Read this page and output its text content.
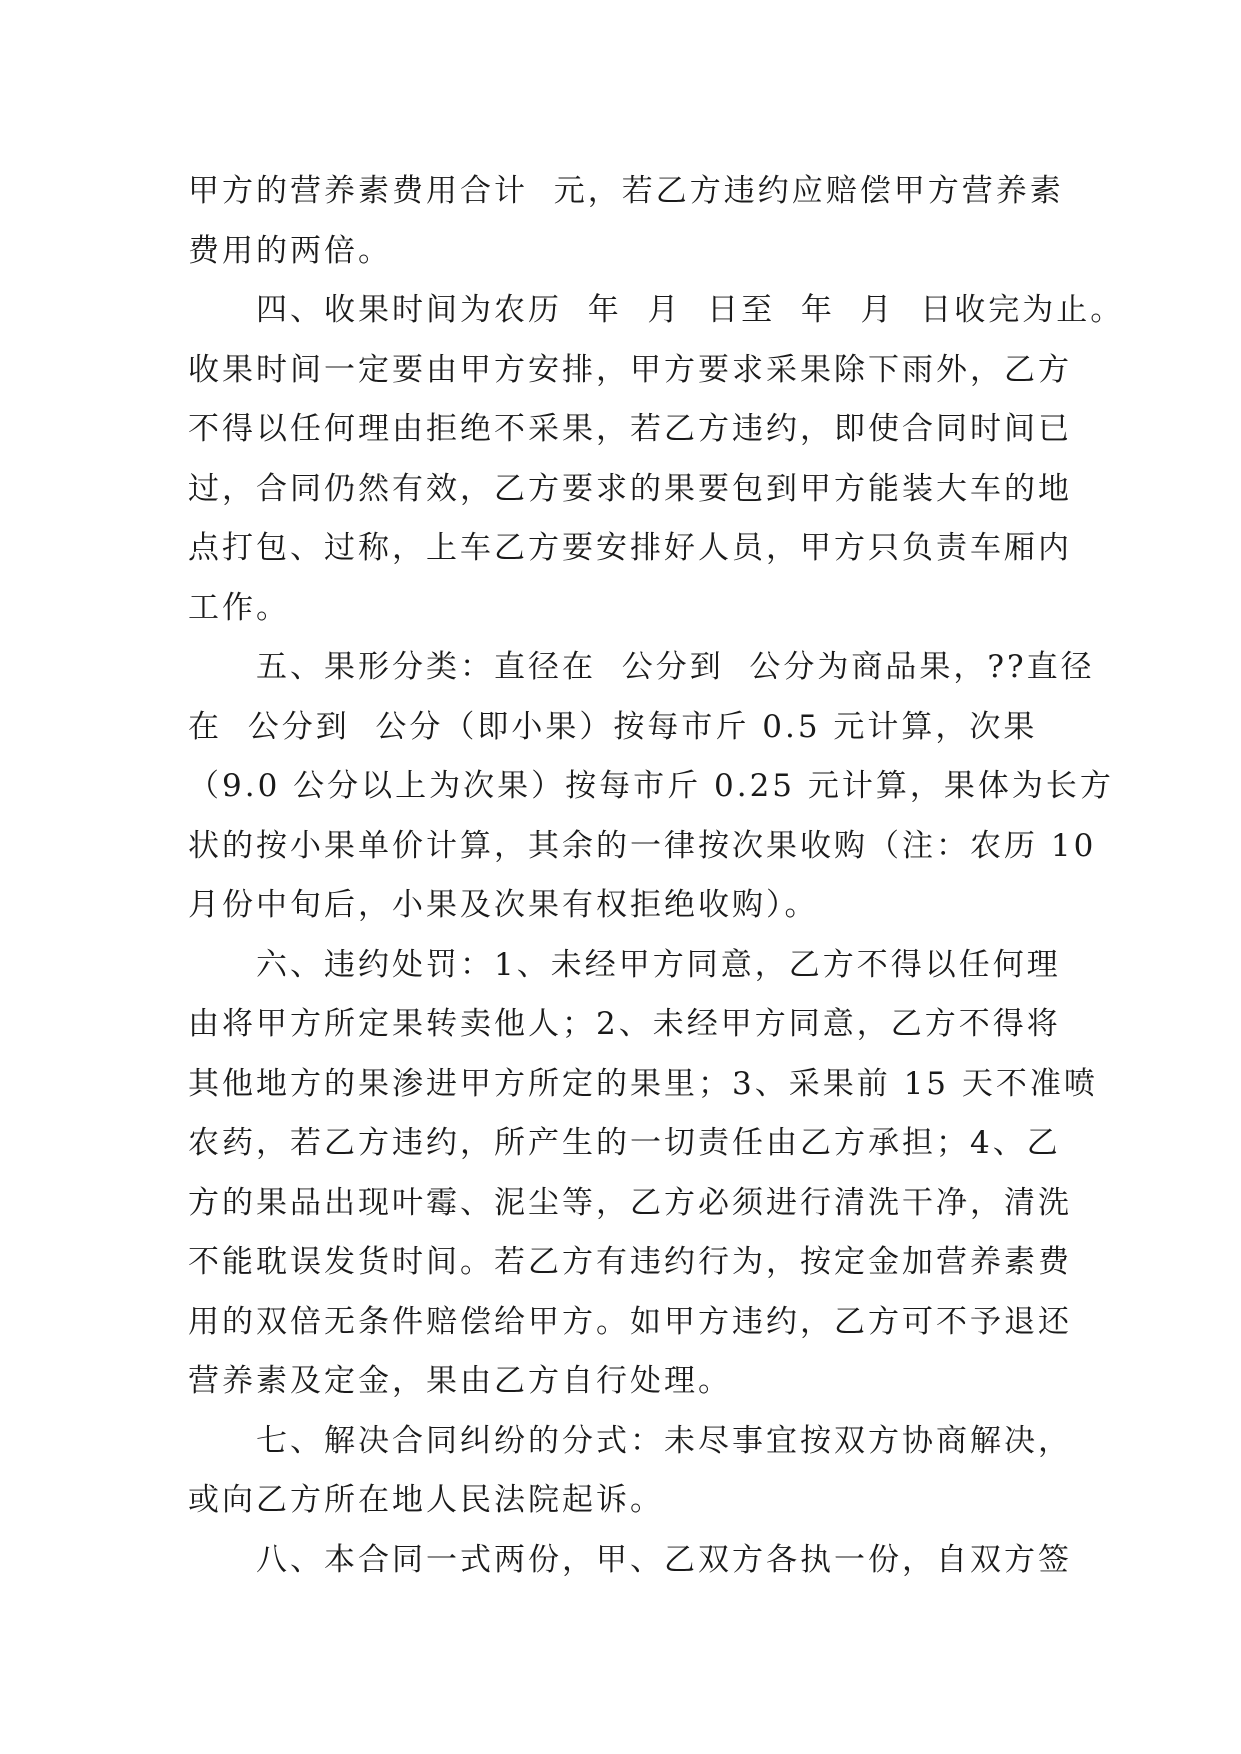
甲方的营养素费用合计  元，若乙方违约应赔偿甲方营养素
费用的两倍。
四、收果时间为农历  年  月  日至  年  月  日收完为止。
收果时间一定要由甲方安排，甲方要求采果除下雨外，乙方
不得以任何理由拒绝不采果，若乙方违约，即使合同时间已
过，合同仍然有效，乙方要求的果要包到甲方能装大车的地
点打包、过称，上车乙方要安排好人员，甲方只负责车厢内
工作。
五、果形分类：直径在  公分到  公分为商品果，??直径
在  公分到  公分（即小果）按每市斤 0.5 元计算，次果
（9.0 公分以上为次果）按每市斤 0.25 元计算，果体为长方
状的按小果单价计算，其余的一律按次果收购（注：农历 10
月份中旬后，小果及次果有权拒绝收购）。
六、违约处罚：1、未经甲方同意，乙方不得以任何理
由将甲方所定果转卖他人；2、未经甲方同意，乙方不得将
其他地方的果渗进甲方所定的果里；3、采果前 15 天不准喷
农药，若乙方违约，所产生的一切责任由乙方承担；4、乙
方的果品出现叶霉、泥尘等，乙方必须进行清洗干净，清洗
不能耽误发货时间。若乙方有违约行为，按定金加营养素费
用的双倍无条件赔偿给甲方。如甲方违约，乙方可不予退还
营养素及定金，果由乙方自行处理。
七、解决合同纠纷的分式：未尽事宜按双方协商解决，
或向乙方所在地人民法院起诉。
八、本合同一式两份，甲、乙双方各执一份，自双方签
